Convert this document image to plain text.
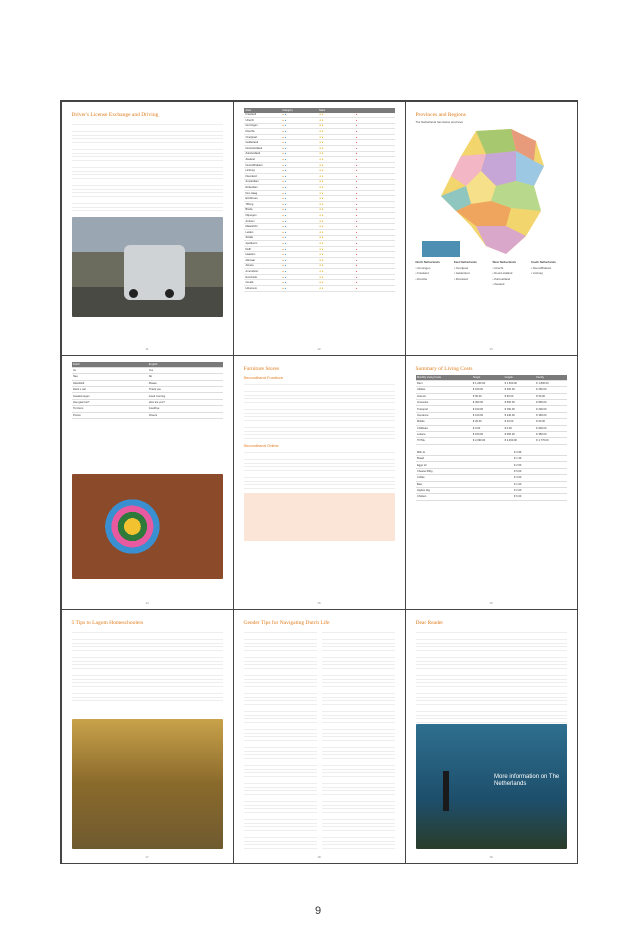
Driver's License Exchange and Driving
11
Area	Category	Stars
Friesland	● ●	★★	●
Utrecht	● ●	★★	●
Groningen	● ●	★★	●
Drenthe	● ●	★★	●
Overijssel	● ●	★★	●
Gelderland	● ●	★★	●
Noord-Holland	● ●	★★	●
Zuid-Holland	● ●	★★	●
Zeeland	● ●	★★	●
Noord-Brabant	● ●	★★	●
Limburg	● ●	★★	●
Flevoland	● ●	★★	●
Amsterdam	● ●	★★	●
Rotterdam	● ●	★★	●
Den Haag	● ●	★★	●
Eindhoven	● ●	★★	●
Tilburg	● ●	★★	●
Breda	● ●	★★	●
Nijmegen	● ●	★★	●
Arnhem	● ●	★★	●
Maastricht	● ●	★★	●
Leiden	● ●	★★	●
Zwolle	● ●	★★	●
Apeldoorn	● ●	★★	●
Delft	● ●	★★	●
Haarlem	● ●	★★	●
Alkmaar	● ●	★★	●
Almere	● ●	★★	●
Amersfoort	● ●	★★	●
Enschede	● ●	★★	●
Gouda	● ●	★★	●
Hilversum	● ●	★★	●
12
Provinces and Regions
The Netherlands has twelve provinces
North Netherlands
• Groningen
• Friesland
• Drenthe
East Netherlands
• Overijssel
• Gelderland
• Flevoland
West Netherlands
• Utrecht
• Noord-Holland
• Zuid-Holland
• Zeeland
South Netherlands
• Noord-Brabant
• Limburg
13
Dutch	English
Ja	Yes
Nee	No
Alstublieft	Please
Dank u wel	Thank you
Goedemorgen	Good morning
Hoe gaat het?	How are you?
Tot ziens	Goodbye
Proost	Cheers
14
Furniture Stores
Secondhand Furniture
Secondhand Online
15
Summary of Living Costs
Monthly Living Costs	Single	Couple	Family
Rent	€ 1,200.00	€ 1,500.00	€ 1,800.00
Utilities	€ 150.00	€ 200.00	€ 250.00
Internet	€ 50.00	€ 50.00	€ 50.00
Groceries	€ 300.00	€ 500.00	€ 800.00
Transport	€ 100.00	€ 150.00	€ 200.00
Insurance	€ 120.00	€ 240.00	€ 360.00
Mobile	€ 20.00	€ 40.00	€ 60.00
Childcare	€ 0.00	€ 0.00	€ 900.00
Leisure	€ 150.00	€ 250.00	€ 350.00
TOTAL	€ 2,090.00	€ 2,930.00	€ 4,770.00
Milk 1L	€ 0.99
Bread	€ 1.49
Eggs 12	€ 2.50
Cheese 500g	€ 5.00
Coffee	€ 3.00
Beer	€ 1.00
Apples 1kg	€ 2.00
Chicken	€ 6.00
16
5 Tips to Lagom Homeschoolers
17
Gender Tips for Navigating Dutch Life
18
Dear Reader
More information on The Netherlands
19
9
